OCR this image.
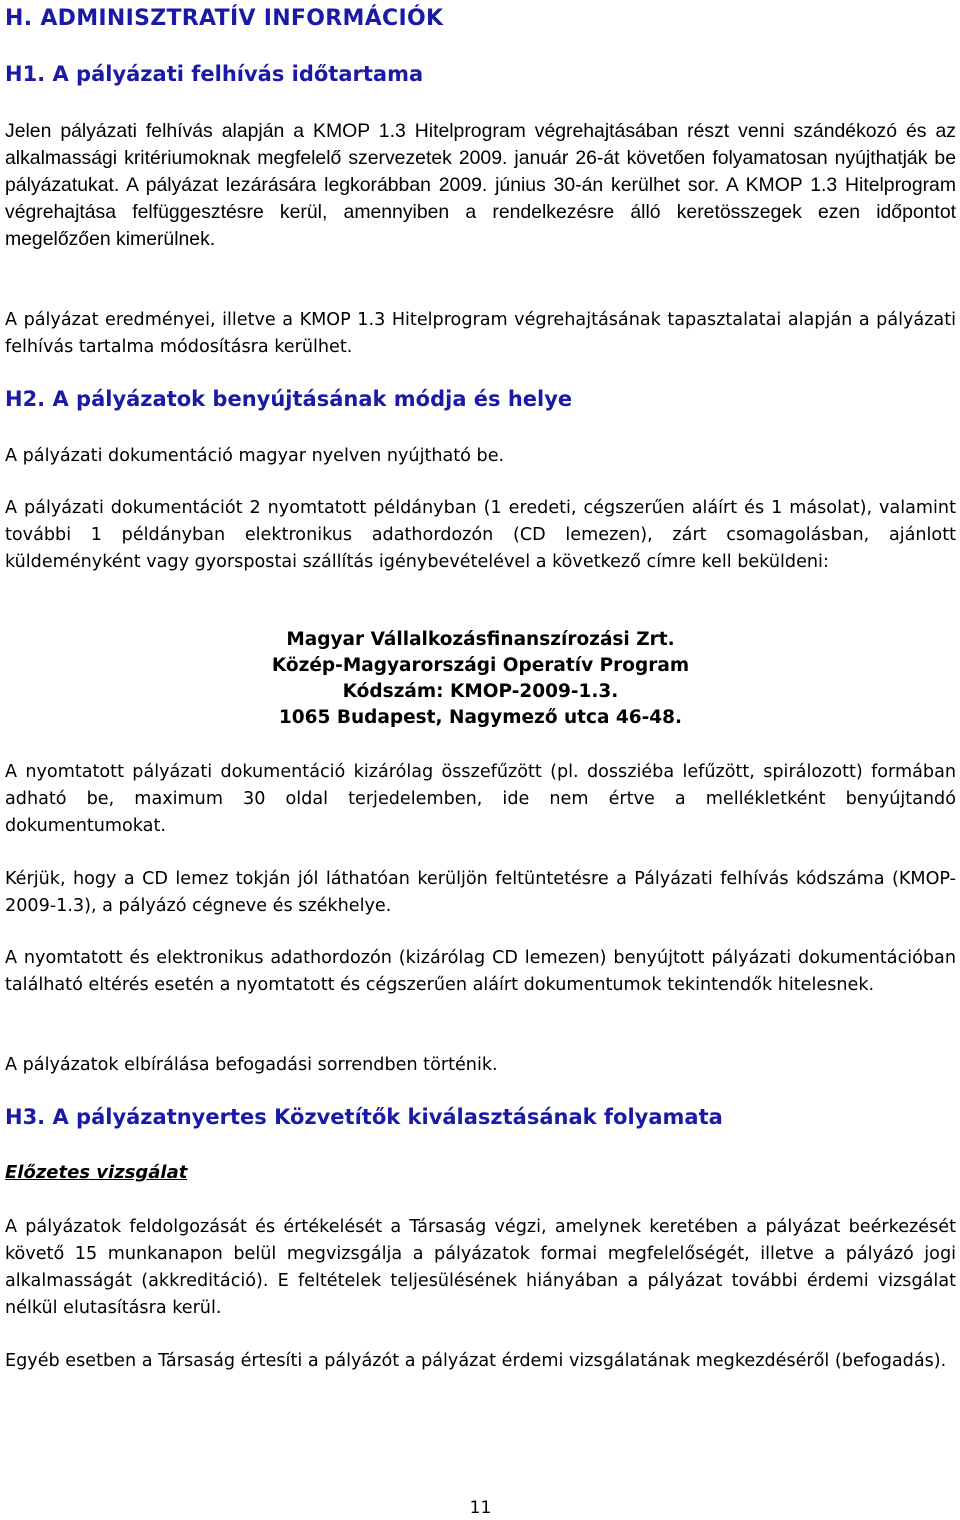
H. ADMINISZTRATÍV INFORMÁCIÓK
H1. A pályázati felhívás időtartama

Jelen pályázati felhívás alapján a KMOP 1.3 Hitelprogram végrehajtásában részt venni szándékozó és az alkalmassági kritériumoknak megfelelő szervezetek 2009. január 26-át követően folyamatosan nyújthatják be pályázatukat. A pályázat lezárására legkorábban 2009. június 30-án kerülhet sor. A KMOP 1.3 Hitelprogram végrehajtása felfüggesztésre kerül, amennyiben a rendelkezésre álló keretösszegek ezen időpontot megelőzően kimerülnek.

A pályázat eredményei, illetve a KMOP 1.3 Hitelprogram végrehajtásának tapasztalatai alapján a pályázati felhívás tartalma módosításra kerülhet.

H2. A pályázatok benyújtásának módja és helye

A pályázati dokumentáció magyar nyelven nyújtható be.

A pályázati dokumentációt 2 nyomtatott példányban (1 eredeti, cégszerűen aláírt és 1 másolat), valamint további 1 példányban elektronikus adathordozón (CD lemezen), zárt csomagolásban, ajánlott küldeményként vagy gyorspostai szállítás igénybevételével a következő címre kell beküldeni:

Magyar Vállalkozásfinanszírozási Zrt.
Közép-Magyarországi Operatív Program
Kódszám: KMOP-2009-1.3.
1065 Budapest, Nagymező utca 46-48.

A nyomtatott pályázati dokumentáció kizárólag összefűzött (pl. dossziéba lefűzött, spirálozott) formában adható be, maximum 30 oldal terjedelemben, ide nem értve a mellékletként benyújtandó dokumentumokat.

Kérjük, hogy a CD lemez tokján jól láthatóan kerüljön feltüntetésre a Pályázati felhívás kódszáma (KMOP-2009-1.3), a pályázó cégneve és székhelye.

A nyomtatott és elektronikus adathordozón (kizárólag CD lemezen) benyújtott pályázati dokumentációban található eltérés esetén a nyomtatott és cégszerűen aláírt dokumentumok tekintendők hitelesnek.

A pályázatok elbírálása befogadási sorrendben történik.

H3. A pályázatnyertes Közvetítők kiválasztásának folyamata
Előzetes vizsgálat

A pályázatok feldolgozását és értékelését a Társaság végzi, amelynek keretében a pályázat beérkezését követő 15 munkanapon belül megvizsgálja a pályázatok formai megfelelőségét, illetve a pályázó jogi alkalmasságát (akkreditáció). E feltételek teljesülésének hiányában a pályázat további érdemi vizsgálat nélkül elutasításra kerül.

Egyéb esetben a Társaság értesíti a pályázót a pályázat érdemi vizsgálatának megkezdéséről (befogadás).

11
